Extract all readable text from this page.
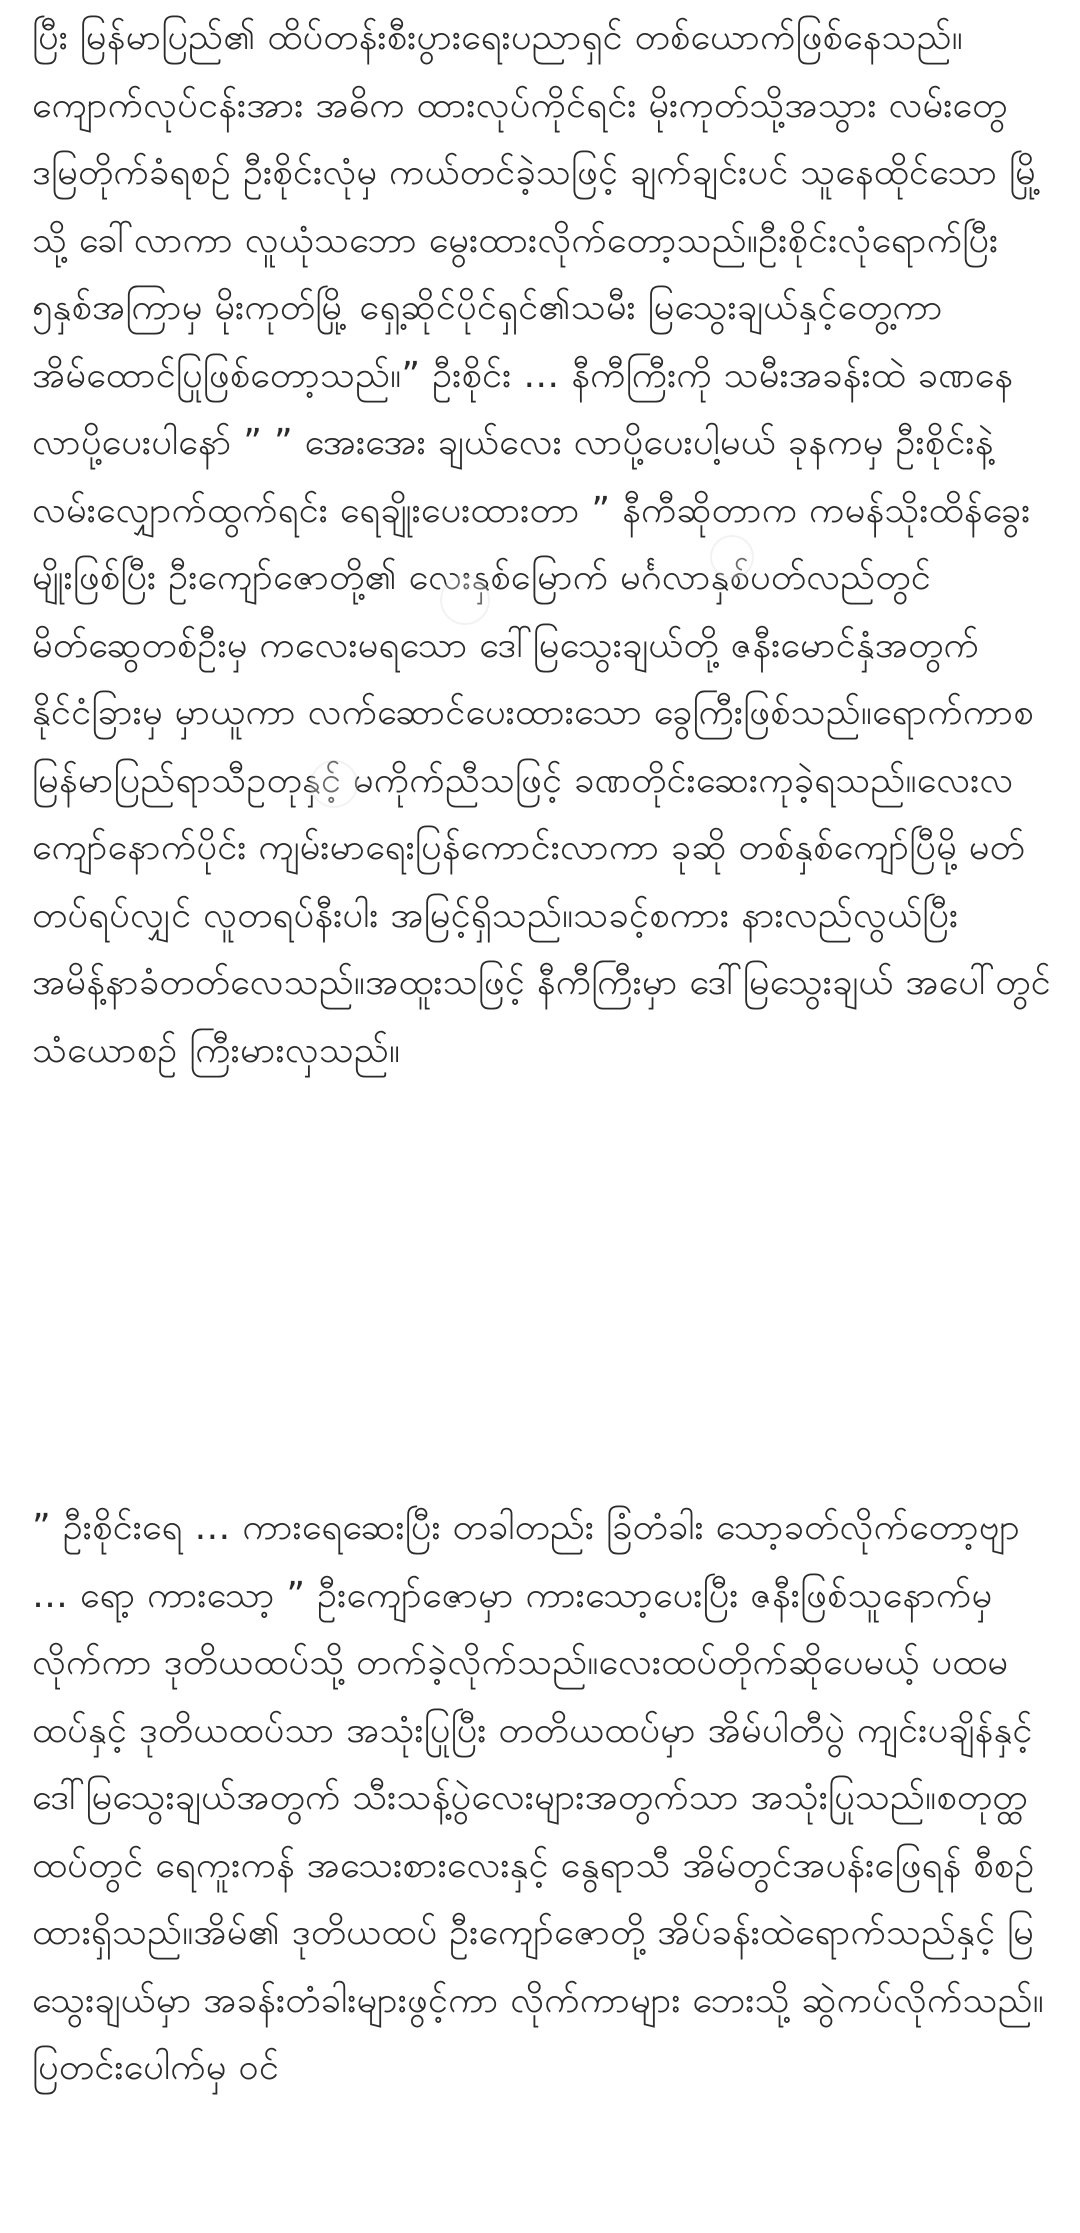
ပြီး မြန်မာပြည်၏ ထိပ်တန်းစီးပွားရေးပညာရှင် တစ်ယောက်ဖြစ်နေသည်။ကျောက်လုပ်ငန်းအား အဓိက ထားလုပ်ကိုင်ရင်း မိုးကုတ်သို့အသွား လမ်းတွေ ဒမြတိုက်ခံရစဉ် ဦးစိုင်းလုံမှ ကယ်တင်ခဲ့သဖြင့် ချက်ချင်းပင် သူနေထိုင်သော မြို့သို့ ခေါ်လာကာ လူယုံသဘော မွေးထားလိုက်တော့သည်။ဦးစိုင်းလုံရောက်ပြီး ၅နှစ်အကြာမှ မိုးကုတ်မြို့ ရှေ့ဆိုင်ပိုင်ရှင်၏သမီး မြသွေးချယ်နှင့်တွေ့ကာ အိမ်ထောင်ပြုဖြစ်တော့သည်။” ဦးစိုင်း … နီကီကြီးကို သမီးအခန်းထဲ ခဏနေ လာပို့ပေးပါနော် ” ” အေးအေး ချယ်လေး လာပို့ပေးပါ့မယ် ခုနကမှ ဦးစိုင်းနဲ့ လမ်းလျှောက်ထွက်ရင်း ရေချိုးပေးထားတာ ” နီကီဆိုတာက ကမန်သိုးထိန်ခွေးမျိုးဖြစ်ပြီး ဦးကျော်ဇောတို့၏ လေးနှစ်မြောက် မင်္ဂလာနှစ်ပတ်လည်တွင် မိတ်ဆွေတစ်ဦးမှ ကလေးမရသော ဒေါ်မြသွေးချယ်တို့ ဇနီးမောင်နှံအတွက် နိုင်ငံခြားမှ မှာယူကာ လက်ဆောင်ပေးထားသော ခွေကြီးဖြစ်သည်။ရောက်ကာစ မြန်မာပြည်ရာသီဥတုနှင့် မကိုက်ညီသဖြင့် ခဏတိုင်းဆေးကုခဲ့ရသည်။လေးလကျော်နောက်ပိုင်း ကျမ်းမာရေးပြန်ကောင်းလာကာ ခုဆို တစ်နှစ်ကျော်ပြီမို့ မတ်တပ်ရပ်လျှင် လူတရပ်နီးပါး အမြင့်ရှိသည်။သခင့်စကား နားလည်လွယ်ပြီး အမိန့်နာခံတတ်လေသည်။အထူးသဖြင့် နီကီကြီးမှာ ဒေါ်မြသွေးချယ် အပေါ်တွင် သံယောစဉ် ကြီးမားလှသည်။

” ဦးစိုင်းရေ … ကားရေဆေးပြီး တခါတည်း ခြံတံခါး သော့ခတ်လိုက်တော့ဗျာ … ရော့ ကားသော့ ” ဦးကျော်ဇောမှာ ကားသော့ပေးပြီး ဇနီးဖြစ်သူနောက်မှ လိုက်ကာ ဒုတိယထပ်သို့ တက်ခဲ့လိုက်သည်။လေးထပ်တိုက်ဆိုပေမယ့် ပထမထပ်နှင့် ဒုတိယထပ်သာ အသုံးပြုပြီး တတိယထပ်မှာ အိမ်ပါတီပွဲ ကျင်းပချိန်နှင့် ဒေါ်မြသွေးချယ်အတွက် သီးသန့်ပွဲလေးများအတွက်သာ အသုံးပြုသည်။စတုတ္ထထပ်တွင် ရေကူးကန် အသေးစားလေးနှင့် နွေရာသီ အိမ်တွင်အပန်းဖြေရန် စီစဉ်ထားရှိသည်။အိမ်၏ ဒုတိယထပ် ဦးကျော်ဇောတို့ အိပ်ခန်းထဲရောက်သည်နှင့် မြသွေးချယ်မှာ အခန်းတံခါးများဖွင့်ကာ လိုက်ကာများ ဘေးသို့ ဆွဲကပ်လိုက်သည်။ပြတင်းပေါက်မှ ဝင်
